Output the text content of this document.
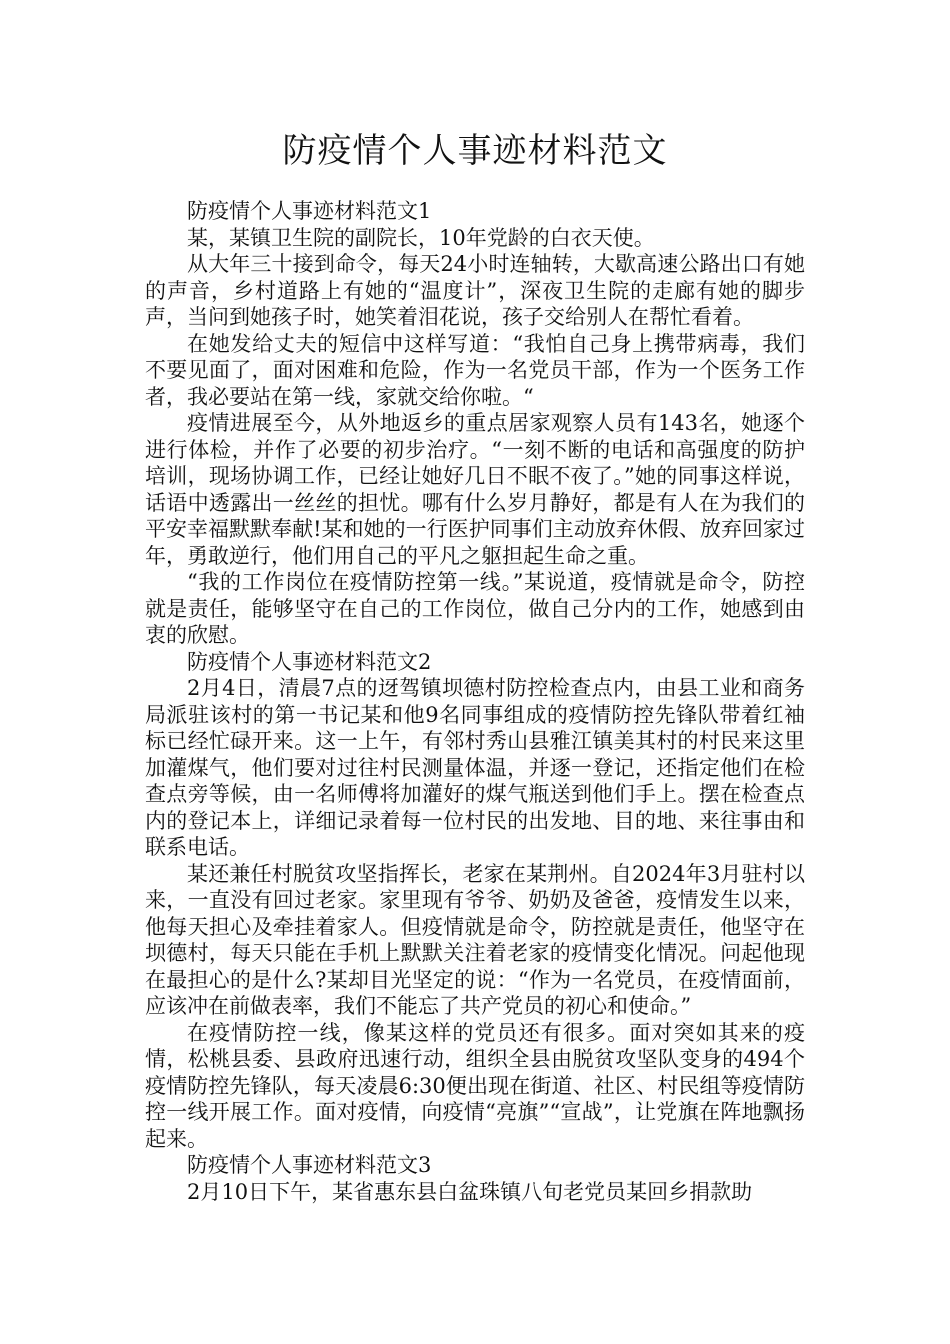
防疫情个人事迹材料范文

防疫情个人事迹材料范文1

某，某镇卫生院的副院长，10年党龄的白衣天使。

从大年三十接到命令，每天24小时连轴转，大歇高速公路出口有她的声音，乡村道路上有她的“温度计”，深夜卫生院的走廊有她的脚步声，当问到她孩子时，她笑着泪花说，孩子交给别人在帮忙看着。

在她发给丈夫的短信中这样写道：“我怕自己身上携带病毒，我们不要见面了，面对困难和危险，作为一名党员干部，作为一个医务工作者，我必要站在第一线，家就交给你啦。“

疫情进展至今，从外地返乡的重点居家观察人员有143名，她逐个进行体检，并作了必要的初步治疗。“一刻不断的电话和高强度的防护培训，现场协调工作，已经让她好几日不眠不夜了。”她的同事这样说，话语中透露出一丝丝的担忧。哪有什么岁月静好，都是有人在为我们的平安幸福默默奉献!某和她的一行医护同事们主动放弃休假、放弃回家过年，勇敢逆行，他们用自己的平凡之躯担起生命之重。

“我的工作岗位在疫情防控第一线。”某说道，疫情就是命令，防控就是责任，能够坚守在自己的工作岗位，做自己分内的工作，她感到由衷的欣慰。

防疫情个人事迹材料范文2

2月4日，清晨7点的迓驾镇坝德村防控检查点内，由县工业和商务局派驻该村的第一书记某和他9名同事组成的疫情防控先锋队带着红袖标已经忙碌开来。这一上午，有邻村秀山县雅江镇美其村的村民来这里加灌煤气，他们要对过往村民测量体温，并逐一登记，还指定他们在检查点旁等候，由一名师傅将加灌好的煤气瓶送到他们手上。摆在检查点内的登记本上，详细记录着每一位村民的出发地、目的地、来往事由和联系电话。

某还兼任村脱贫攻坚指挥长，老家在某荆州。自2024年3月驻村以来，一直没有回过老家。家里现有爷爷、奶奶及爸爸，疫情发生以来，他每天担心及牵挂着家人。但疫情就是命令，防控就是责任，他坚守在坝德村，每天只能在手机上默默关注着老家的疫情变化情况。问起他现在最担心的是什么?某却目光坚定的说：“作为一名党员，在疫情面前，应该冲在前做表率，我们不能忘了共产党员的初心和使命。”

在疫情防控一线，像某这样的党员还有很多。面对突如其来的疫情，松桃县委、县政府迅速行动，组织全县由脱贫攻坚队变身的494个疫情防控先锋队，每天凌晨6:30便出现在街道、社区、村民组等疫情防控一线开展工作。面对疫情，向疫情“亮旗”“宣战”，让党旗在阵地飘扬起来。

防疫情个人事迹材料范文3

2月10日下午，某省惠东县白盆珠镇八旬老党员某回乡捐款助
